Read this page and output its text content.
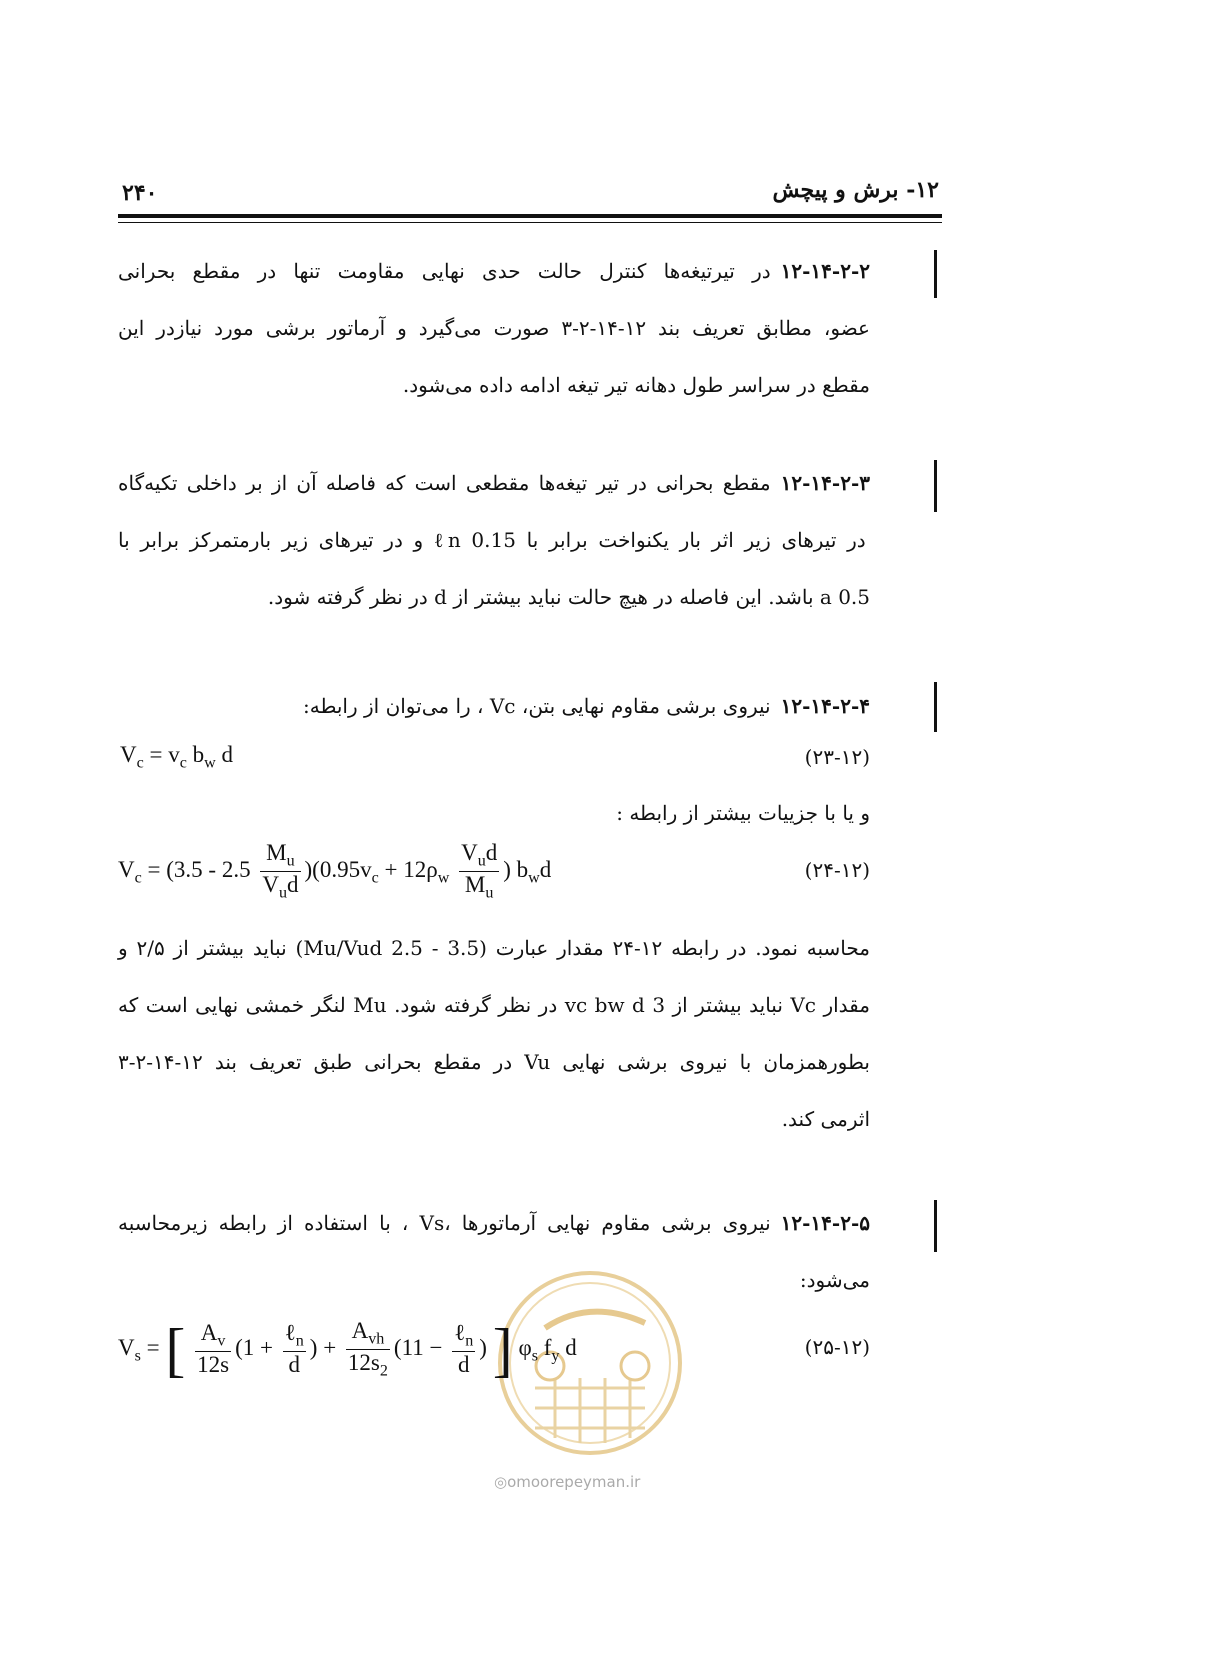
۱۲- برش و پیچش
۲۴۰
۱۲-۱۴-۲-۲در تیرتیغه‌ها کنترل حالت حدی نهایی مقاومت تنها در مقطع بحرانی
عضو، مطابق تعریف بند ۱۲-۱۴-۲-۳ صورت می‌گیرد و آرماتور برشی مورد نیازدر این
مقطع در سراسر طول دهانه تیر تیغه ادامه داده می‌شود.
۱۲-۱۴-۲-۳مقطع بحرانی در تیر تیغه‌ها مقطعی است که فاصله آن از بر داخلی تکیه‌گاه
در تیرهای زیر اثر بار یکنواخت برابر با 0.15 ℓn و در تیرهای زیر بارمتمرکز برابر با
0.5 a باشد. این فاصله در هیچ حالت نباید بیشتر از d در نظر گرفته شود.
۱۲-۱۴-۲-۴نیروی برشی مقاوم نهایی بتن، Vc ، را می‌توان از رابطه:
$V_c = v_c$ $b_w$ d	(۲۳-۱۲)
و یا با جزییات بیشتر از رابطه :
$V_c = (3.5 - 2.5 \frac{M_u}{V_ud} )(0.95v_c + 12\rho_w \frac{V_ud}{M_u}$ ) $b_wd$	(۲۴-۱۲)
محاسبه نمود. در رابطه ۱۲-۲۴ مقدار عبارت (3.5 - 2.5 Mu/Vud) نباید بیشتر از ۲/۵ و
مقدار Vc نباید بیشتر از 3 vc bw d در نظر گرفته شود. Mu لنگر خمشی نهایی است که
بطورهمزمان با نیروی برشی نهایی Vu در مقطع بحرانی طبق تعریف بند ۱۲-۱۴-۲-۳
اثرمی کند.
۱۲-۱۴-۲-۵نیروی برشی مقاوم نهایی آرماتورها ،Vs ، با استفاده از رابطه زیرمحاسبه
می‌شود:
$V_s$ = [ $\frac{A_v}{12s} (1 + \frac{\ell_n}{d}$ ) + $\frac{A_{vh}}{12s_2} (11 - \frac{\ell_n}{d}$ ) ] $\varphi_s$ $f_y$ d	(۲۵-۱۲)
◎omoorepeyman.ir
